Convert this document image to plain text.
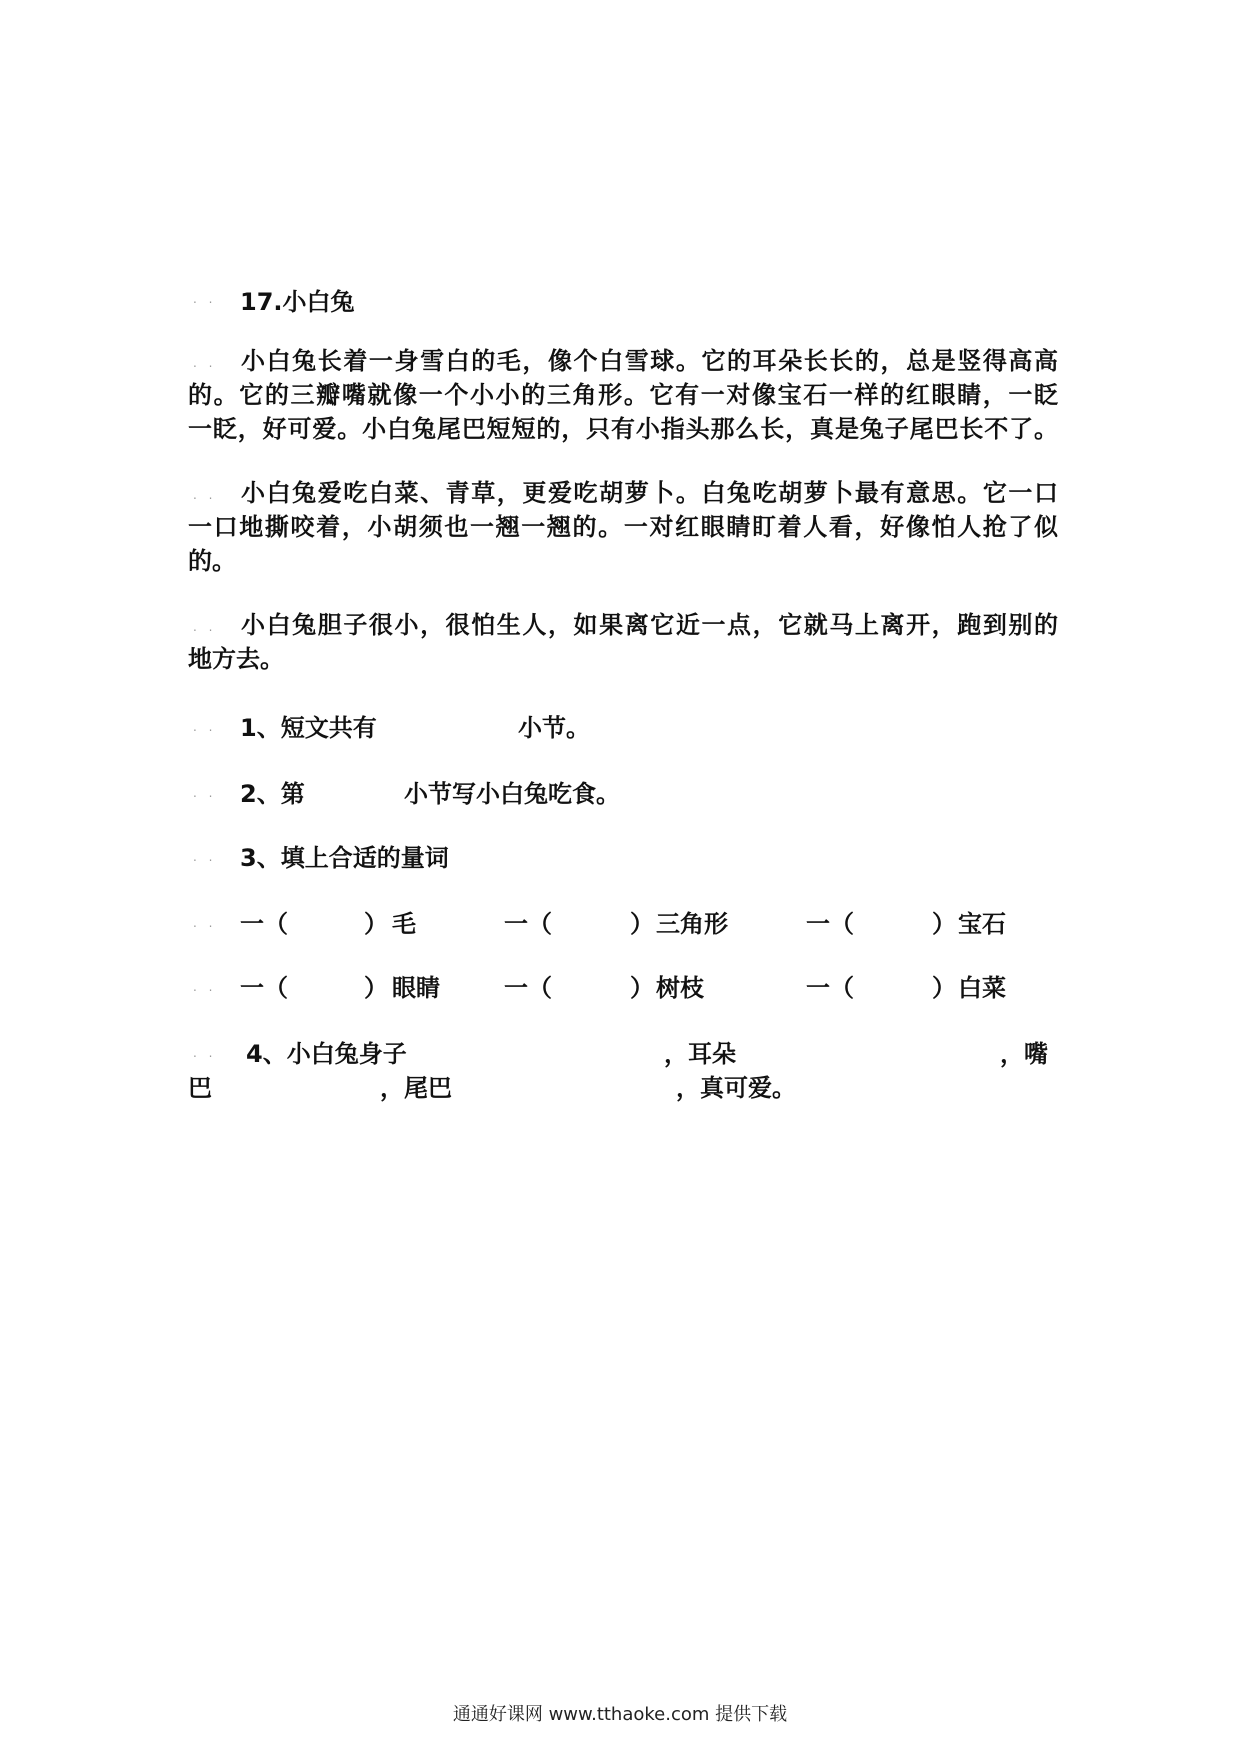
. .
. .
. .
. .
. .
. .
. .
. .
. .
. .
17.小白兔
小白兔长着一身雪白的毛，像个白雪球。它的耳朵长长的，总是竖得高高
的。它的三瓣嘴就像一个小小的三角形。它有一对像宝石一样的红眼睛，一眨
一眨，好可爱。小白兔尾巴短短的，只有小指头那么长，真是兔子尾巴长不了。
小白兔爱吃白菜、青草，更爱吃胡萝卜。白兔吃胡萝卜最有意思。它一口
一口地撕咬着，小胡须也一翘一翘的。一对红眼睛盯着人看，好像怕人抢了似
的。
小白兔胆子很小，很怕生人，如果离它近一点，它就马上离开，跑到别的
地方去。
1、短文共有	小节。
2、第	小节写小白兔吃食。
3、填上合适的量词
一（	） 毛	一（	） 三角形	一（	） 宝石
一（	） 眼睛	一（	） 树枝	一（	） 白菜
4、小白兔身子	，耳朵	，嘴
巴	，尾巴	，真可爱。
通通好课网 www.tthaoke.com 提供下载
